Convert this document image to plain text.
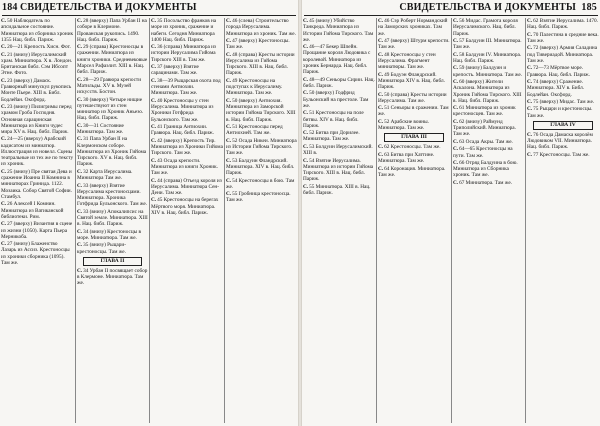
184 СВИДЕТЕЛЬСТВА И ДОКУМЕНТЫ
C. 50 Наблюдатель по апсидальное состояние. Миниатюра из сборника хроник 1355 Нац. библ. Париж.
C. 20—21 Крепость Хисн. Фот.
C. 21 (внизу) Иерусалимский храм. Миниатюра. Х в. Лондон. Британская библ. Сэм Ибсопт Этне. Фото.
C. 23 (вверху) Дамаск. Гравюрный минускул рукопись Монте Пьере. XIII в. Библ. Бодлейан. Оксфорд.
C. 23 (внизу) Пилигримы перед храмом Гроба Господня. Основная сарацинская Миниатюра из Книги чудес мира XV в. Нац. библ. Париж.
C. 24—25 (вверху) Арабский кадисатом из миниатюр. Иллюстрация из новелл. Сцены театральные из тех же по тексту из хроник.
C. 25 (внизу) Пре святая Дева и сражение Иоанна II Комнина в миниатюрах Гринида. 1122. Мозаика. Собор Святой Софии. Стамбул.
C. 26 Алексей I Комнин. Миниатюра из Ватиканской библиотеки. Рим.
C. 27 (вверху) Византия в сцене из жизни (1050). Карта Пьера Мерникоба.
C. 27 (внизу) Блаженство Лазарь из Ассиз. Крестоносцы из хроники сборника (1095). Там же.
C. 28 (вверху) Папа Урбан II на соборе в Клермоне. Прованская рукопись. 1490. Нац. библ. Париж.
C. 29 (справа) Крестоносцы в сражении. Миниатюра из книги хроники. Средневековые Марсел Рафаэлит. XIII в. Нац. библ. Париж.
C. 28—29 Гравюра крепости Матильды. XV в. Музей искусств. Бостон.
C. 30 (вверху) Четыре нищие путешествуют из стен миниатюр из Хроник Аньезо. Нац. библ. Париж.
C. 30—31 Состояние Миниатюра. Там же.
C. 31 Папа Урбан II на Клермонском соборе. Миниатюра из Хроник Гийома Тирского. XV в. Нац. библ. Париж.
C. 32 Карта Иерусалима. Миниатюра Там же.
C. 33 (вверху) Взятие Иерусалима крестоносцами. Миниатюра. Хроника Готфрида Бульонского. Там же.
C. 33 (внизу) Апокалипсис на Святой земле. Миниатюра. XIII в. Нац. библ. Париж.
C. 34 (внизу) Крестоносцы в море. Миниатюра. Там же.
C. 35 (внизу) Рыцари-крестоносцы. Там же.
ГЛАВА II
C. 34 Урбан II посвящает собор в Клермоне. Миниатюра. Там же.
C. 35 Посольство франков на море из хроник, сражение и набеги. Сегодня Миниатюра 1400 Нац. библ. Париж.
C. 36 (справа) Миниатюра из истории Иерусалима Гийома Тирского XIII в. Там же.
C. 37 (вверху) Взятие сарацинами. Там же.
C. 38—39 Рыцарская охота под стенами Антиохии. Миниатюра. Там же.
C. 40 Крестоносцы у стен Иерусалима. Миниатюра из Хроники Готфрида Бульонского. Там же.
C. 41 Граница Антиохии. Гравюра. Нац. библ. Париж.
C. 42 (вверху) Крепость Тир. Миниатюра из Хроники Гийома Тирского. Там же.
C. 43 Осада крепости. Миниатюра из книги Хроник. Там же.
C. 44 (справа) Отъезд короля из Иерусалима. Миниатюра Сен-Дени. Там же.
C. 45 Крестоносцы на берегах Мёртвого моря. Миниатюра. XIV в. Нац. библ. Париж.
C. 46 (слева) Строительство города Иерусалима. Миниатюра из хроник. Там же.
C. 47 (вверху) Крестоносцы. Там же.
C. 48 (справа) Кресты истории Иерусалима из Гийома Тирского. XIII в. Нац. библ. Париж.
C. 49 Крестоносцы на подступах к Иерусалиму. Миниатюра. Там же.
C. 50 (вверху) Антиохия. Миниатюра из Заморской истории Гийома Тирского. XIII в. Нац. библ. Париж.
C. 51 Крестоносцы перед Антиохией. Там же.
C. 52 Осада Никеи. Миниатюра из Истории Гийома Тирского. Там же.
C. 53 Балдуин Фландрский. Миниатюра. XIV в. Нац. библ. Париж.
C. 54 Крестоносцы в бою. Там же.
C. 55 Гробница крестоносца. Там же.
СВИДЕТЕЛЬСТВА И ДОКУМЕНТЫ 185
C. 45 (внизу) Убийство Танкреда. Миниатюра из Истории Гийома Тирского. Там же.
C. 46—47 Бекер Шпейн. Прощание короля Людовика с королевой. Миниатюра из хроник Бернарда. Нац. библ. Париж.
C. 48—49 Сеньоры Сирии. Нац. библ. Париж.
C. 50 (вверху) Годфрид Бульонский на престоле. Там же.
C. 51 Крестоносцы на поле битвы. XIV в. Нац. библ. Париж.
C. 52 Битва при Дорилее. Миниатюра. Там же.
C. 53 Болдуин Иерусалимский. XIII в.
C. 54 Взятие Иерусалима. Миниатюра из истории Гийома Тирского. XIII в. Нац. библ. Париж.
C. 55 Миниатюра. XIII в. Нац. библ. Париж.
C. 46 Сэр Роберт Нормандский на Заморских хрониках. Там же.
C. 47 (вверху) Штурм крепости. Там же.
C. 48 Крестоносцы у стен Иерусалима. Фрагмент миниатюры. Там же.
C. 49 Бодуэн Фландрский. Миниатюра XIV в. Нац. библ. Париж.
C. 50 (справа) Кресты истории Иерусалима. Там же.
C. 51 Сеньоры в сражении. Там же.
C. 52 Арабские воины. Миниатюра. Там же.
ГЛАВА III
C. 62 Крестоносцы. Там же.
C. 63 Битва при Хаттине. Миниатюра. Там же.
C. 64 Коронация. Миниатюра. Там же.
C. 56 Мидас. Грамота короля Иерусалимского. Нац. библ. Париж.
C. 57 Балдуин III. Миниатюра. Там же.
C. 58 Балдуин IV. Миниатюра. Нац. библ. Париж.
C. 59 (внизу) Балдуин и крепость. Миниатюра. Там же.
C. 60 (вверху) Жители Аскалона. Миниатюра из Хроник Гийома Тирского. XIII в. Нац. библ. Париж.
C. 61 Миниатюра из хроник крестоносцев. Там же.
C. 62 (внизу) Раймунд Триполийский. Миниатюра. Там же.
C. 63 Осада Акры. Там же.
C. 64—65 Крестоносцы на пути. Там же.
C. 66 Отряд Балдуина в бою. Миниатюра из Сборника хроник. Там же.
C. 67 Миниатюра. Там же.
C. 62 Взятие Иерусалима. 1470. Нац. библ. Париж.
C. 70 Палестина в средние века. Там же.
C. 72 (вверху) Армия Саладина под Тивериадой. Миниатюра. Там же.
C. 72—73 Мёртвое море. Гравюра. Нац. библ. Париж.
C. 74 (вверху) Сражение. Миниатюра. XIV в. Библ. Бодлейан. Оксфорд.
C. 75 (вверху) Мидас. Там же.
C. 75 Рыцари и крестоносцы. Там же.
ГЛАВА IV
C. 76 Осада Дамаска королём Людовиком VII. Миниатюра. Нац. библ. Париж.
C. 77 Крестоносцы. Там же.
